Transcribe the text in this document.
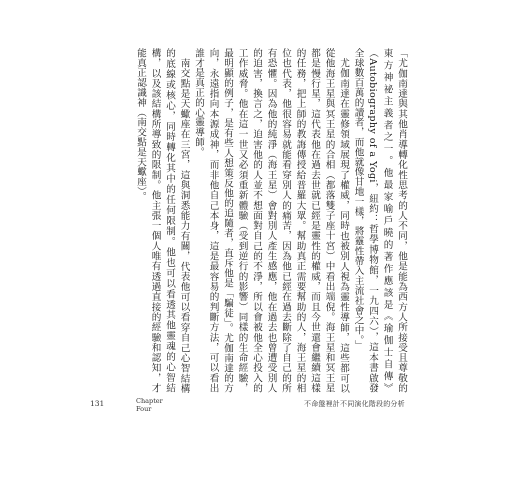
「尤伽南達與其他肖導轉化性思考的人不同，他是能為西方人所接受且尊敬的東方神祕主義者之一。他最家喻戶曉的著作應該是《瑜伽士自傳》（Autobiography of a Yogi，紐約：哲學博物館，一九四六），這本書啟發全球數百萬的讀者，而他就像甘地一樣，將靈性帶入主流社會之中。」

尤伽南達在靈修領域展現了權威，同時也被別人視為靈性導師，這些都可以從他海王星與冥王星的合相（都落雙子座十宮）中看出端倪。海王星和冥王星都是慢行星，這代表他在過去世就已經是靈性的權威，而且今世還會繼續這樣的任務，把上師的教誨傳授給普羅大眾。幫助真正需要幫助的人，海王星的相位也代表，他很容易就能看穿別人的痛苦，因為他已經在過去斷除了自己的所有恐懼。因為他的純淨（海王星）會對別人產生感應，他在過去也曾遭受別人的迫害，換言之，迫害他的人並不想面對自己的不淨，所以會被他全心投入的工作威脅。他在這一世又必須重新體驗（受到逆行的影響）同樣的生命經驗，最明顯的例子，是有些人想策反他的追隨者，直斥他是「騙徒」。尤伽南達的方向，永遠指向本源成神，而非他自己本身，這是最容易的判斷方法，可以看出誰才是真正的心靈導師。

南交點是天蠍座在三宮，這與洞悉能力有關，代表他可以看穿自己心智結構的底線或核心，同時轉化其中的任何限制。他也可以看透其他靈魂的心智結構，以及該結構所導致的限制。他主張一個人唯有透過直接的經驗和認知，才能真正認識神（南交點是天蠍座）。

131	Chapter
Four
不命盤裡計不同演化階段的分析
